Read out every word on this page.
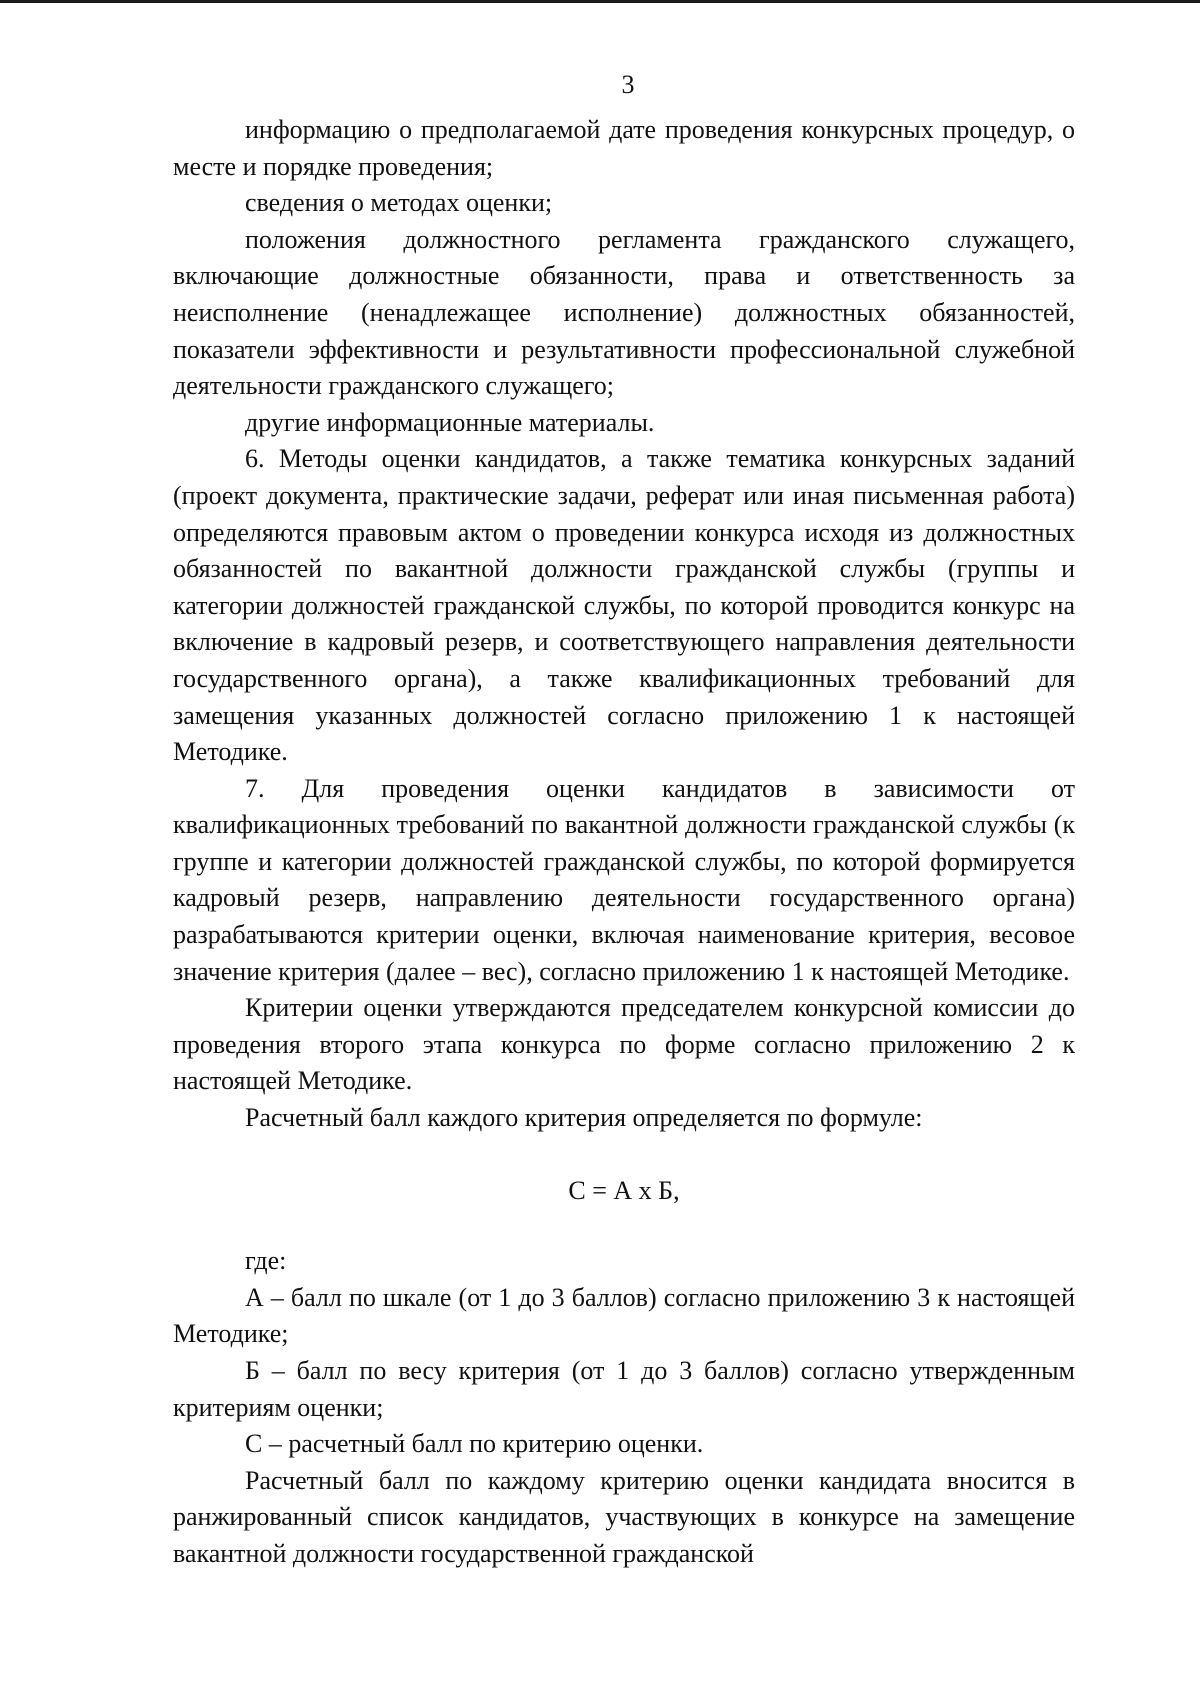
3

информацию о предполагаемой дате проведения конкурсных процедур, о месте и порядке проведения;

сведения о методах оценки;

положения должностного регламента гражданского служащего, включающие должностные обязанности, права и ответственность за неисполнение (ненадлежащее исполнение) должностных обязанностей, показатели эффективности и результативности профессиональной служебной деятельности гражданского служащего;

другие информационные материалы.

6. Методы оценки кандидатов, а также тематика конкурсных заданий (проект документа, практические задачи, реферат или иная письменная работа) определяются правовым актом о проведении конкурса исходя из должностных обязанностей по вакантной должности гражданской службы (группы и категории должностей гражданской службы, по которой проводится конкурс на включение в кадровый резерв, и соответствующего направления деятельности государственного органа), а также квалификационных требований для замещения указанных должностей согласно приложению 1 к настоящей Методике.

7. Для проведения оценки кандидатов в зависимости от квалификационных требований по вакантной должности гражданской службы (к группе и категории должностей гражданской службы, по которой формируется кадровый резерв, направлению деятельности государственного органа) разрабатываются критерии оценки, включая наименование критерия, весовое значение критерия (далее – вес), согласно приложению 1 к настоящей Методике.

Критерии оценки утверждаются председателем конкурсной комиссии до проведения второго этапа конкурса по форме согласно приложению 2 к настоящей Методике.

Расчетный балл каждого критерия определяется по формуле:

С = А х Б,

где:

А – балл по шкале (от 1 до 3 баллов) согласно приложению 3 к настоящей Методике;

Б – балл по весу критерия (от 1 до 3 баллов) согласно утвержденным критериям оценки;

С – расчетный балл по критерию оценки.

Расчетный балл по каждому критерию оценки кандидата вносится в ранжированный список кандидатов, участвующих в конкурсе на замещение вакантной должности государственной гражданской
